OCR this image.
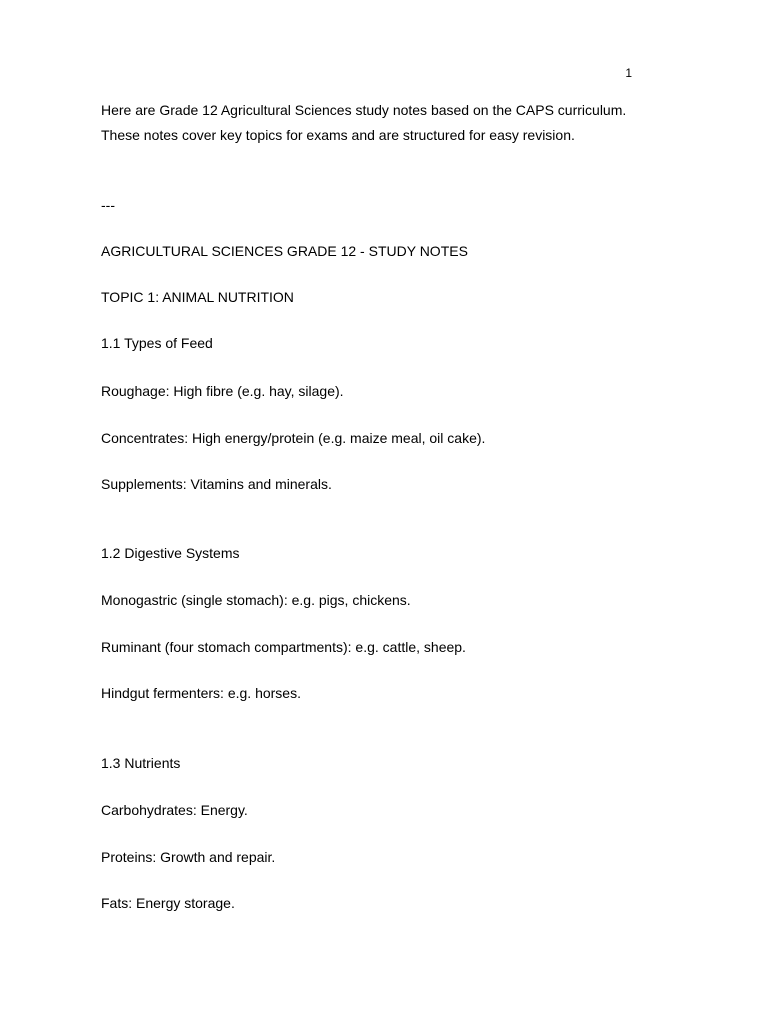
1
Here are Grade 12 Agricultural Sciences study notes based on the CAPS curriculum.
These notes cover key topics for exams and are structured for easy revision.
---
AGRICULTURAL SCIENCES GRADE 12 - STUDY NOTES
TOPIC 1: ANIMAL NUTRITION
1.1 Types of Feed
Roughage: High fibre (e.g. hay, silage).
Concentrates: High energy/protein (e.g. maize meal, oil cake).
Supplements: Vitamins and minerals.
1.2 Digestive Systems
Monogastric (single stomach): e.g. pigs, chickens.
Ruminant (four stomach compartments): e.g. cattle, sheep.
Hindgut fermenters: e.g. horses.
1.3 Nutrients
Carbohydrates: Energy.
Proteins: Growth and repair.
Fats: Energy storage.
